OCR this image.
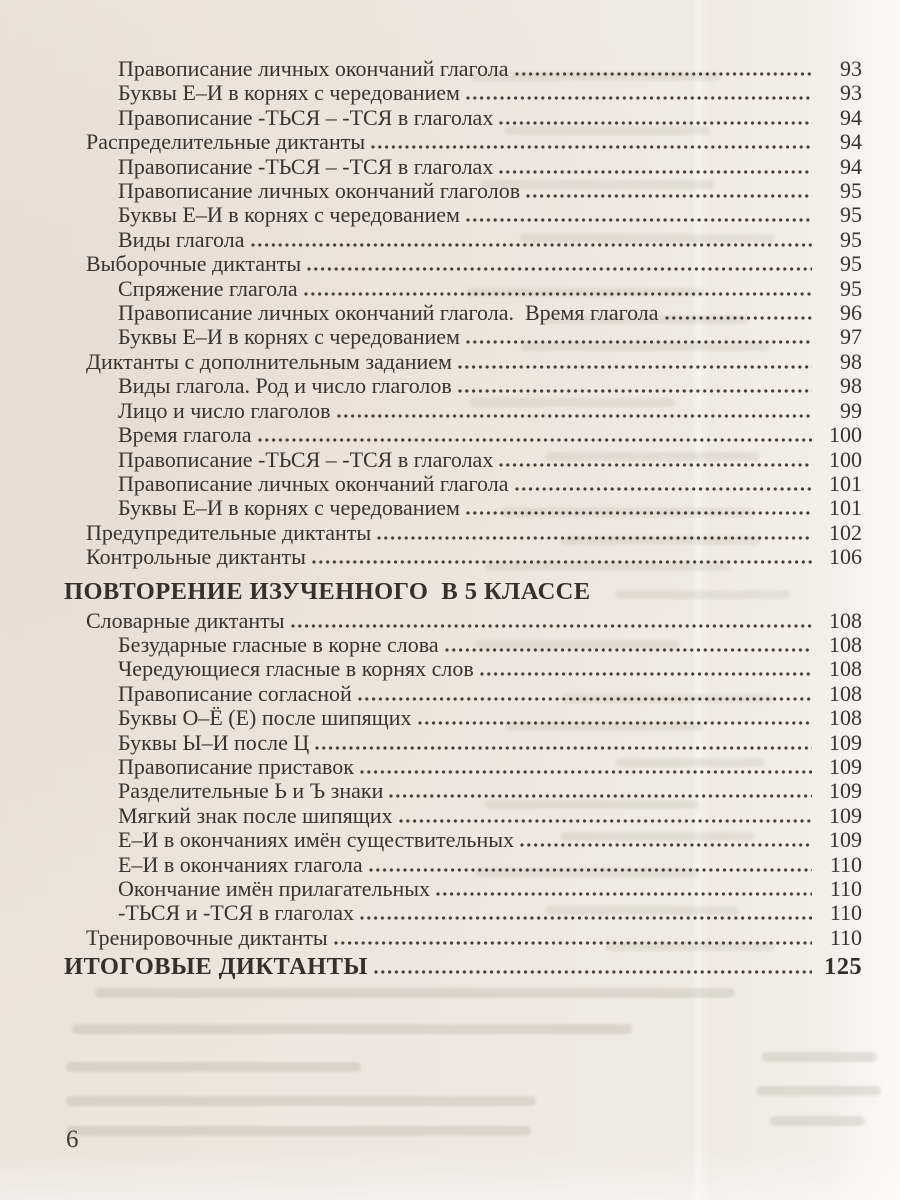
Правописание личных окончаний глагола	93
Буквы Е–И в корнях с чередованием	93
Правописание -ТЬСЯ – -ТСЯ в глаголах	94
Распределительные диктанты	94
Правописание -ТЬСЯ – -ТСЯ в глаголах	94
Правописание личных окончаний глаголов	95
Буквы Е–И в корнях с чередованием	95
Виды глагола	95
Выборочные диктанты	95
Спряжение глагола	95
Правописание личных окончаний глагола.  Время глагола	96
Буквы Е–И в корнях с чередованием	97
Диктанты с дополнительным заданием	98
Виды глагола. Род и число глаголов	98
Лицо и число глаголов	99
Время глагола	100
Правописание -ТЬСЯ – -ТСЯ в глаголах	100
Правописание личных окончаний глагола	101
Буквы Е–И в корнях с чередованием	101
Предупредительные диктанты	102
Контрольные диктанты	106
ПОВТОРЕНИЕ ИЗУЧЕННОГО  В 5 КЛАССЕ
Словарные диктанты	108
Безударные гласные в корне слова	108
Чередующиеся гласные в корнях слов	108
Правописание согласной	108
Буквы О–Ё (Е) после шипящих	108
Буквы Ы–И после Ц	109
Правописание приставок	109
Разделительные Ь и Ъ знаки	109
Мягкий знак после шипящих	109
Е–И в окончаниях имён существительных	109
Е–И в окончаниях глагола	110
Окончание имён прилагательных	110
-ТЬСЯ и -ТСЯ в глаголах	110
Тренировочные диктанты	110
ИТОГОВЫЕ ДИКТАНТЫ	125
6
